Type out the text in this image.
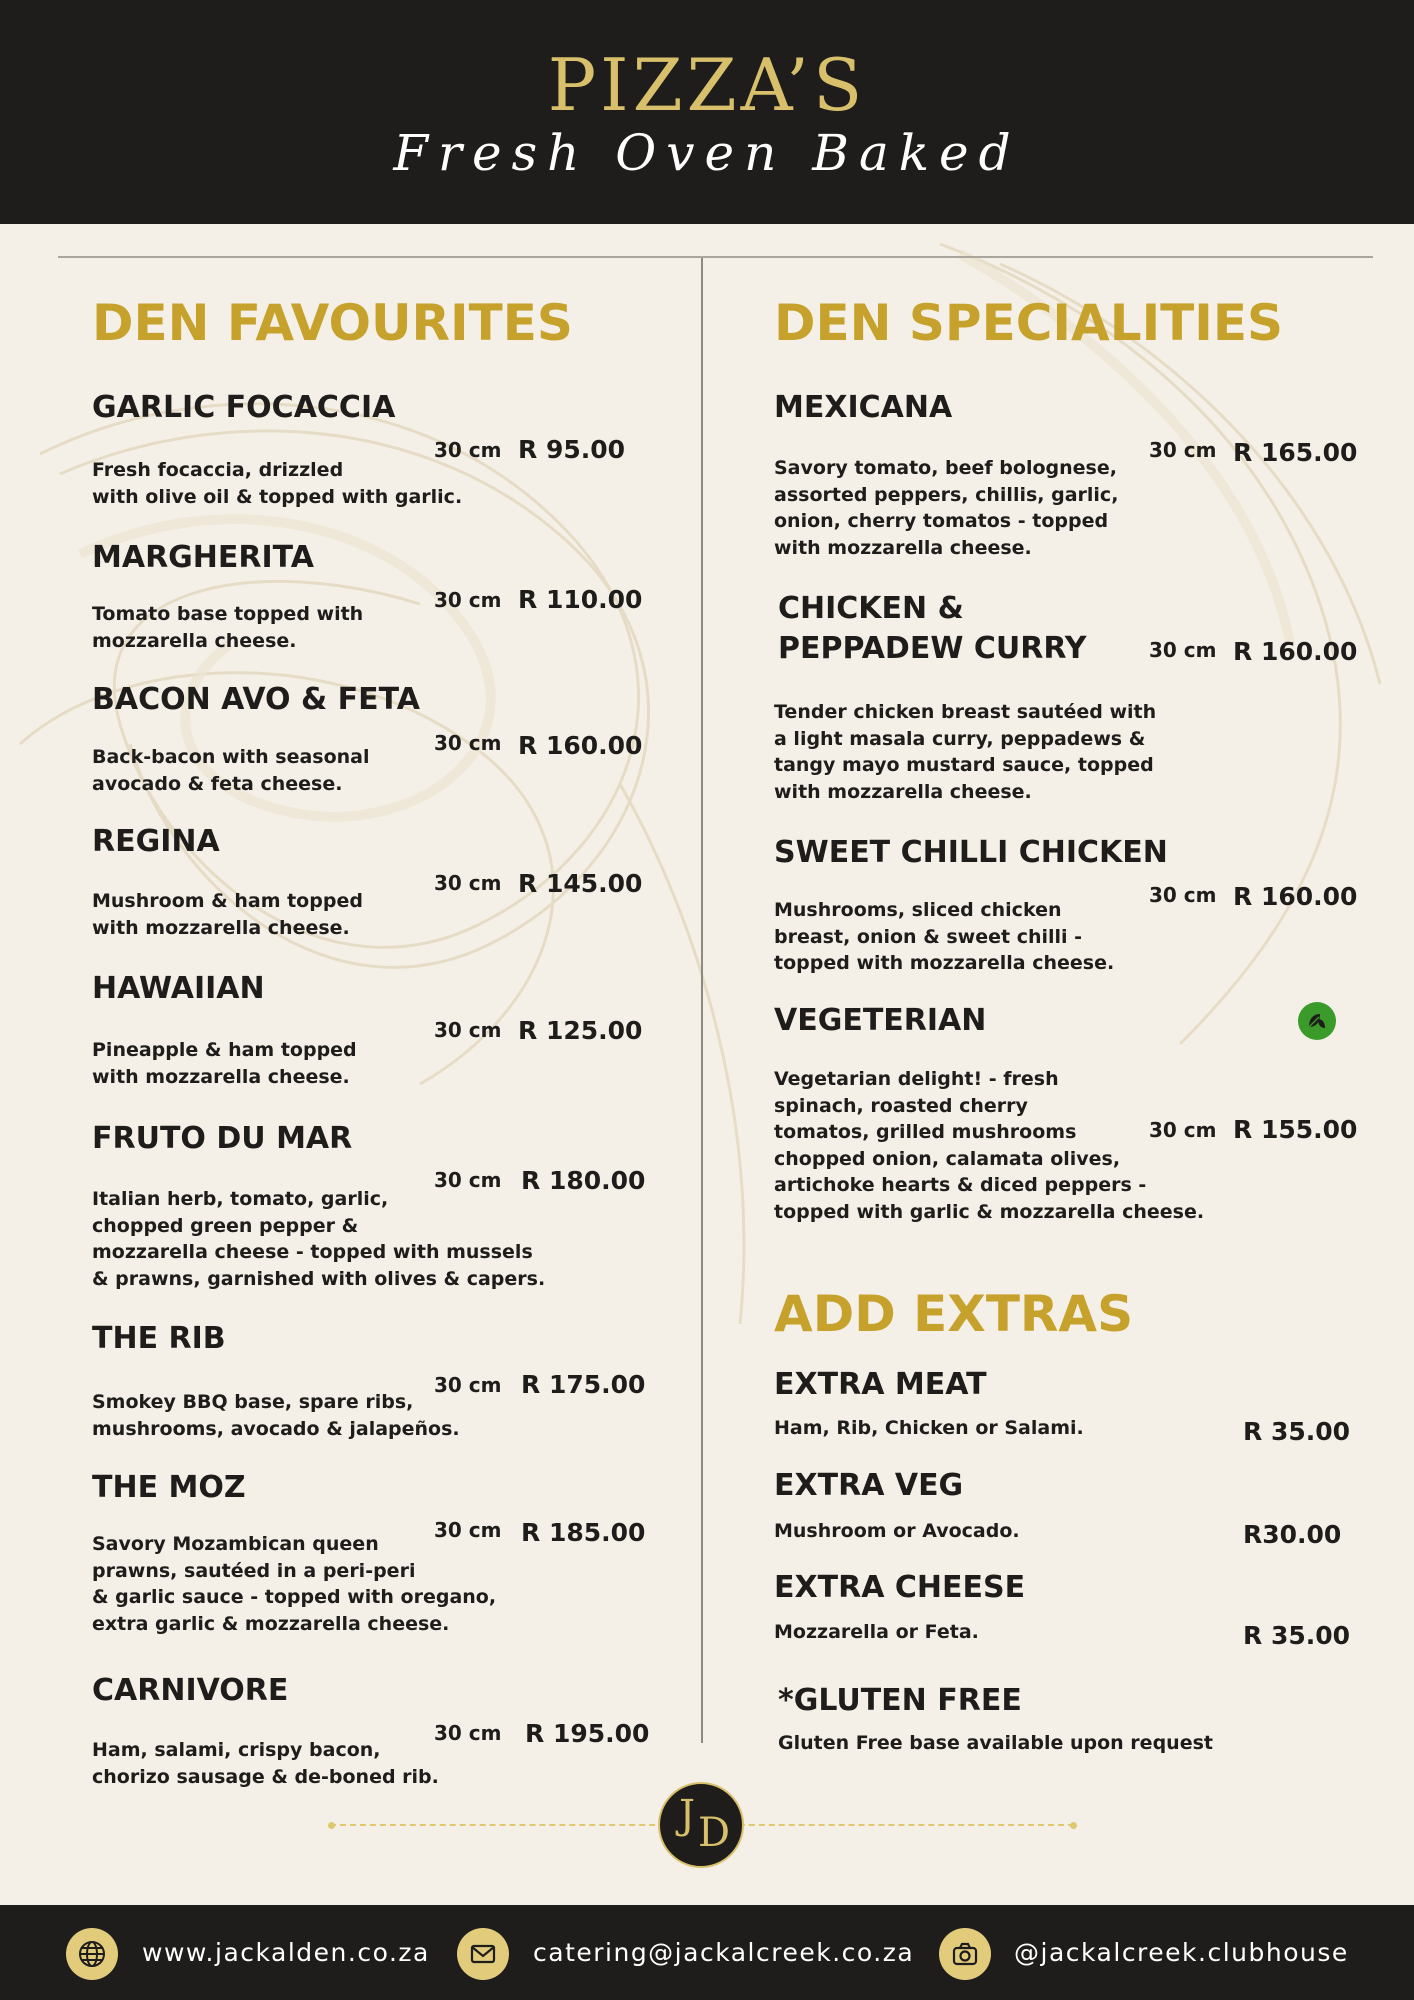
PIZZA’S
Fresh Oven Baked
DEN FAVOURITES
GARLIC FOCACCIA
30 cm R 95.00
Fresh focaccia, drizzled
with olive oil & topped with garlic.
MARGHERITA
30 cm R 110.00
Tomato base topped with
mozzarella cheese.
BACON AVO & FETA
30 cm R 160.00
Back-bacon with seasonal
avocado & feta cheese.
REGINA
30 cm R 145.00
Mushroom & ham topped
with mozzarella cheese.
HAWAIIAN
30 cm R 125.00
Pineapple & ham topped
with mozzarella cheese.
FRUTO DU MAR
30 cm R 180.00
Italian herb, tomato, garlic,
chopped green pepper &
mozzarella cheese - topped with mussels
& prawns, garnished with olives & capers.
THE RIB
30 cm R 175.00
Smokey BBQ base, spare ribs,
mushrooms, avocado & jalapeños.
THE MOZ
30 cm R 185.00
Savory Mozambican queen
prawns, sautéed in a peri-peri
& garlic sauce - topped with oregano,
extra garlic & mozzarella cheese.
CARNIVORE
30 cm R 195.00
Ham, salami, crispy bacon,
chorizo sausage & de-boned rib.
DEN SPECIALITIES
MEXICANA
30 cm R 165.00
Savory tomato, beef bolognese,
assorted peppers, chillis, garlic,
onion, cherry tomatos - topped
with mozzarella cheese.
CHICKEN &
PEPPADEW CURRY	30 cm R 160.00
Tender chicken breast sautéed with
a light masala curry, peppadews &
tangy mayo mustard sauce, topped
with mozzarella cheese.
SWEET CHILLI CHICKEN
30 cm R 160.00
Mushrooms, sliced chicken
breast, onion & sweet chilli -
topped with mozzarella cheese.
VEGETERIAN
30 cm R 155.00
Vegetarian delight! - fresh
spinach, roasted cherry
tomatos, grilled mushrooms
chopped onion, calamata olives,
artichoke hearts & diced peppers -
topped with garlic & mozzarella cheese.
ADD EXTRAS
EXTRA MEAT
Ham, Rib, Chicken or Salami.	R 35.00
EXTRA VEG
Mushroom or Avocado.	R30.00
EXTRA CHEESE
Mozzarella or Feta.	R 35.00
*GLUTEN FREE
Gluten Free base available upon request
J D
www.jackalden.co.za	catering@jackalcreek.co.za	@jackalcreek.clubhouse
